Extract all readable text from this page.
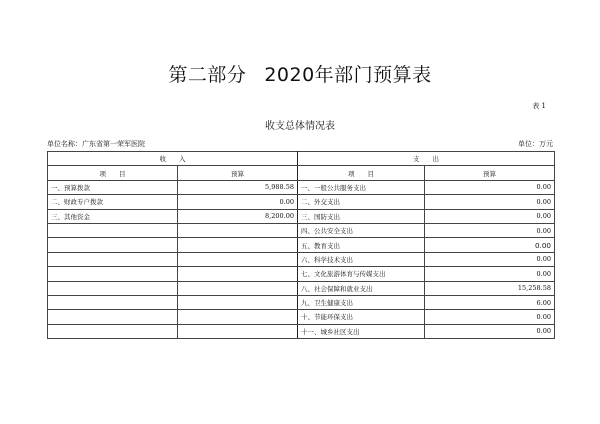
第二部分 2020年部门预算表
表 1
收支总体情况表
单位名称：广东省第一荣军医院	单位：万元
收　　入		支　　出	
项　　目	预算	项　　目	预算
一、预算拨款	5,988.58	一、一般公共服务支出	0.00
二、财政专户拨款	0.00	二、外交支出	0.00
三、其他资金	8,200.00	三、国防支出	0.00
		四、公共安全支出	0.00
		五、教育支出	0.00
		六、科学技术支出	0.00
		七、文化旅游体育与传媒支出	0.00
		八、社会保障和就业支出	15,258.58
		九、卫生健康支出	6.00
		十、节能环保支出	0.00
		十一、城乡社区支出	0.00
